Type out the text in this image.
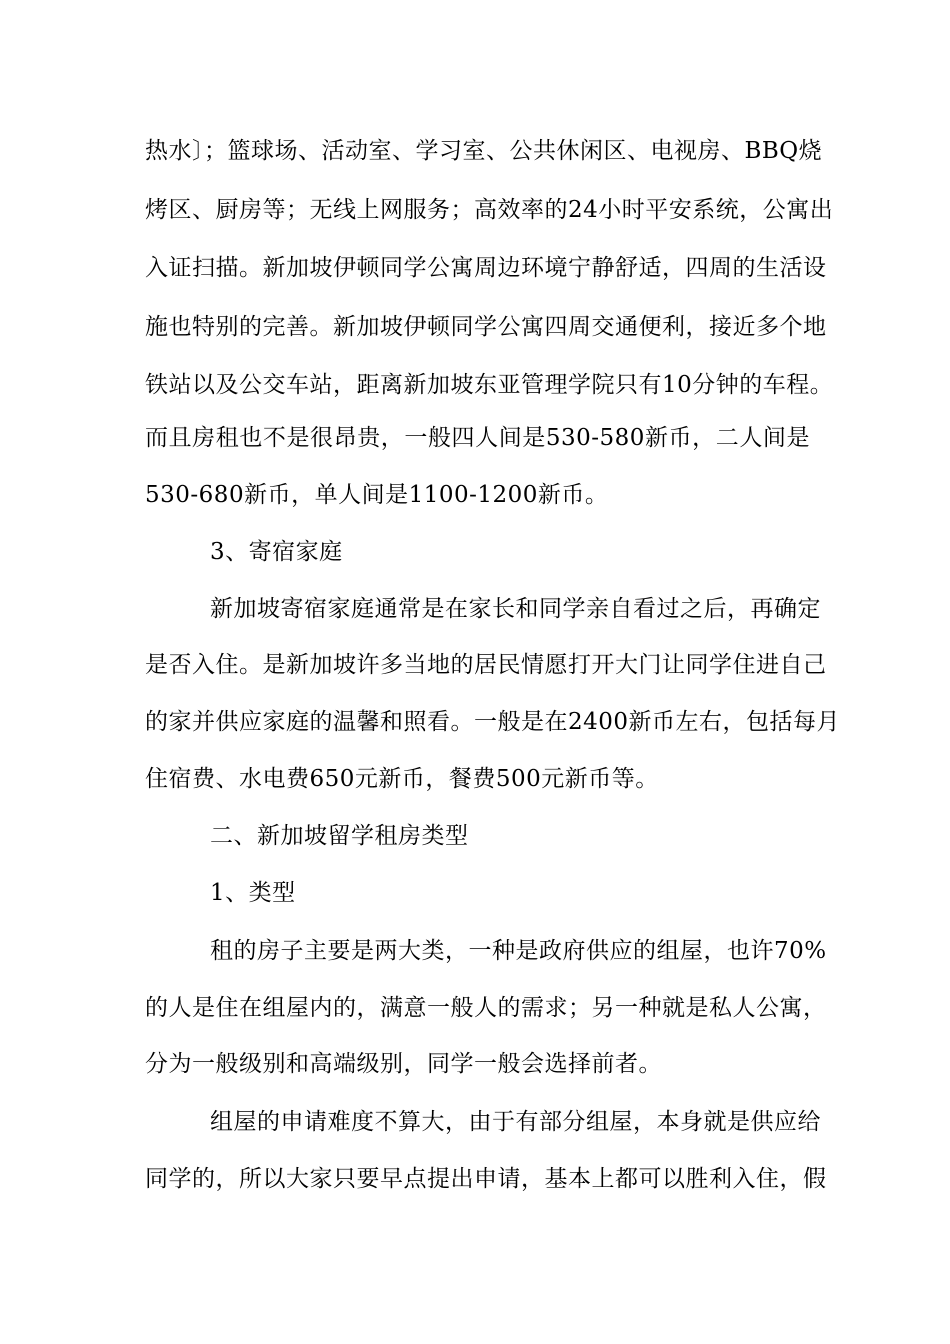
热水〕；篮球场、活动室、学习室、公共休闲区、电视房、BBQ烧
烤区、厨房等；无线上网服务；高效率的24小时平安系统，公寓出
入证扫描。新加坡伊顿同学公寓周边环境宁静舒适，四周的生活设
施也特别的完善。新加坡伊顿同学公寓四周交通便利，接近多个地
铁站以及公交车站，距离新加坡东亚管理学院只有10分钟的车程。
而且房租也不是很昂贵，一般四人间是530-580新币，二人间是
530-680新币，单人间是1100-1200新币。
3、寄宿家庭
新加坡寄宿家庭通常是在家长和同学亲自看过之后，再确定
是否入住。是新加坡许多当地的居民情愿打开大门让同学住进自己
的家并供应家庭的温馨和照看。一般是在2400新币左右，包括每月
住宿费、水电费650元新币，餐费500元新币等。
二、新加坡留学租房类型
1、类型
租的房子主要是两大类，一种是政府供应的组屋，也许70%
的人是住在组屋内的，满意一般人的需求；另一种就是私人公寓，
分为一般级别和高端级别，同学一般会选择前者。
组屋的申请难度不算大，由于有部分组屋，本身就是供应给
同学的，所以大家只要早点提出申请，基本上都可以胜利入住，假
